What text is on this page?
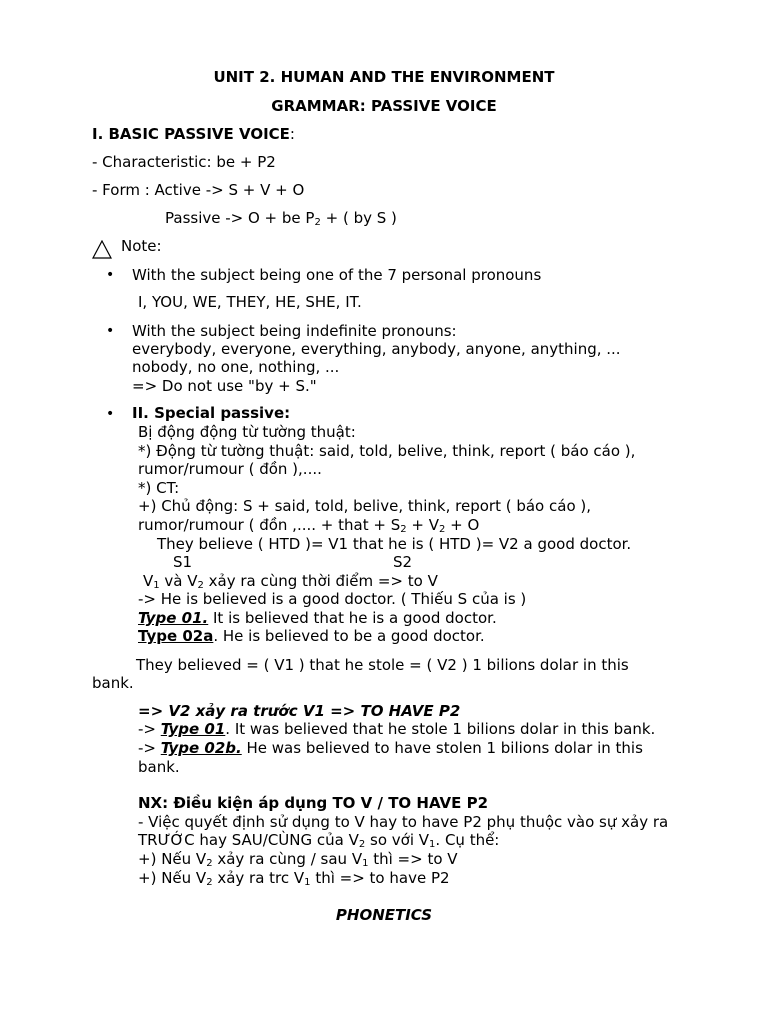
UNIT 2. HUMAN AND THE ENVIRONMENT
GRAMMAR: PASSIVE VOICE
I. BASIC PASSIVE VOICE:
- Characteristic: be + P2
- Form : Active -> S + V + O
Passive -> O + be $P_2$ + ( by S )
Note:
• With the subject being one of the 7 personal pronouns
I, YOU, WE, THEY, HE, SHE, IT.
• With the subject being indefinite pronouns:
everybody, everyone, everything, anybody, anyone, anything, ...
nobody, no one, nothing, ...
=> Do not use "by + S."
• II. Special passive:
Bị động động từ tường thuật:
*) Động từ tường thuật: said, told, belive, think, report ( báo cáo ),
rumor/rumour ( đồn ),....
*) CT:
+) Chủ động: S + said, told, belive, think, report ( báo cáo ),
rumor/rumour ( đồn ,.... + that + $S_2 + V_2 + O$
They believe ( HTD )= V1 that he is ( HTD )= V2 a good doctor.
S1	S2
$V_1$ và $V_2$ xảy ra cùng thời điểm => to V
-> He is believed is a good doctor. ( Thiếu S của is )
Type 01. It is believed that he is a good doctor.
Type 02a. He is believed to be a good doctor.
They believed = ( V1 ) that he stole = ( V2 ) 1 bilions dolar in this
bank.
=> V2 xảy ra trước V1 => TO HAVE P2
-> Type 01. It was believed that he stole 1 bilions dolar in this bank.
-> Type 02b. He was believed to have stolen 1 bilions dolar in this
bank.
NX: Điều kiện áp dụng TO V / TO HAVE P2
- Việc quyết định sử dụng to V hay to have P2 phụ thuộc vào sự xảy ra
TRƯỚC hay SAU/CÙNG của $V_2$ so với $V_1$. Cụ thể:
+) Nếu $V_2$ xảy ra cùng / sau $V_1$ thì => to V
+) Nếu $V_2$ xảy ra trc $V_1$ thì => to have P2
PHONETICS
